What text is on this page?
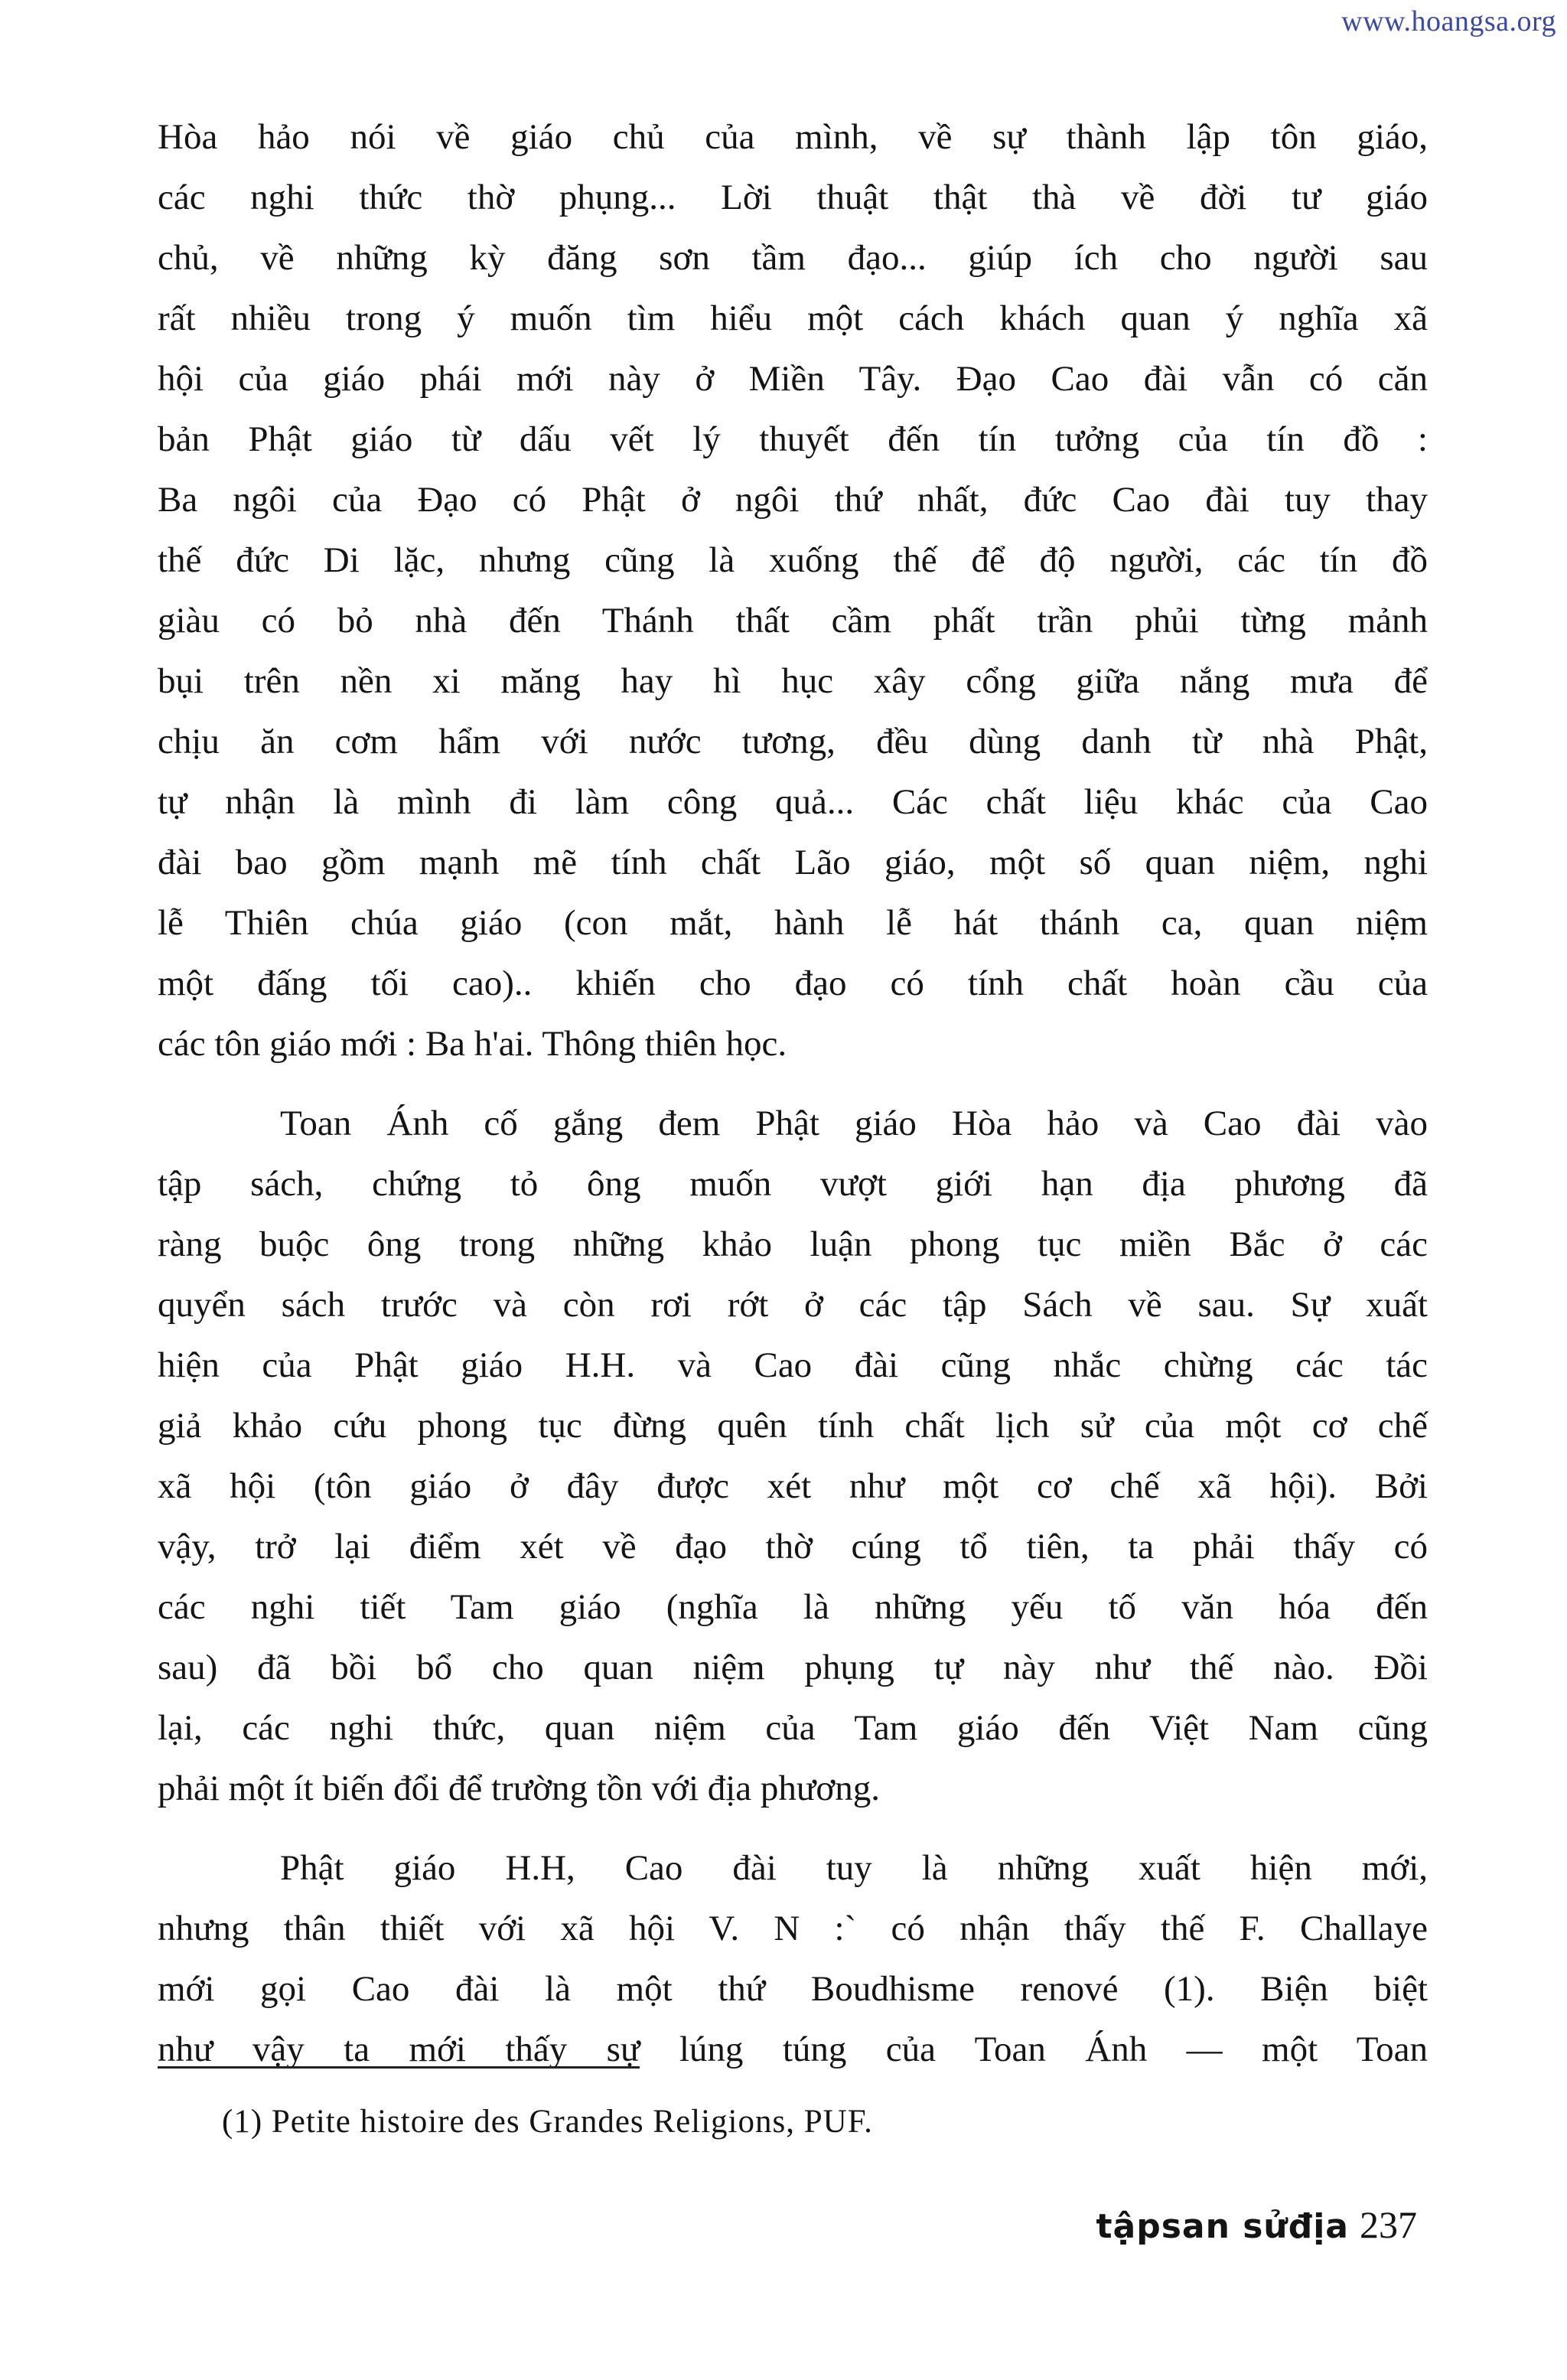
www.hoangsa.org
Hòa hảo nói về giáo chủ của mình, về sự thành lập tôn giáo,
các nghi thức thờ phụng... Lời thuật thật thà về đời tư giáo
chủ, về những kỳ đăng sơn tầm đạo... giúp ích cho người sau
rất nhiều trong ý muốn tìm hiểu một cách khách quan ý nghĩa xã
hội của giáo phái mới này ở Miền Tây. Đạo Cao đài vẫn có căn
bản Phật giáo từ dấu vết lý thuyết đến tín tưởng của tín đồ :
Ba ngôi của Đạo có Phật ở ngôi thứ nhất, đức Cao đài tuy thay
thế đức Di lặc, nhưng cũng là xuống thế để độ người, các tín đồ
giàu có bỏ nhà đến Thánh thất cầm phất trần phủi từng mảnh
bụi trên nền xi măng hay hì hục xây cổng giữa nắng mưa để
chịu ăn cơm hẩm với nước tương, đều dùng danh từ nhà Phật,
tự nhận là mình đi làm công quả... Các chất liệu khác của Cao
đài bao gồm mạnh mẽ tính chất Lão giáo, một số quan niệm, nghi
lễ Thiên chúa giáo (con mắt, hành lễ hát thánh ca, quan niệm
một đấng tối cao).. khiến cho đạo có tính chất hoàn cầu của
các tôn giáo mới : Ba h'ai. Thông thiên học.
Toan Ánh cố gắng đem Phật giáo Hòa hảo và Cao đài vào
tập sách, chứng tỏ ông muốn vượt giới hạn địa phương đã
ràng buộc ông trong những khảo luận phong tục miền Bắc ở các
quyển sách trước và còn rơi rớt ở các tập Sách về sau. Sự xuất
hiện của Phật giáo H.H. và Cao đài cũng nhắc chừng các tác
giả khảo cứu phong tục đừng quên tính chất lịch sử của một cơ chế
xã hội (tôn giáo ở đây được xét như một cơ chế xã hội). Bởi
vậy, trở lại điểm xét về đạo thờ cúng tổ tiên, ta phải thấy có
các nghi tiết Tam giáo (nghĩa là những yếu tố văn hóa đến
sau) đã bồi bổ cho quan niệm phụng tự này như thế nào. Đồi
lại, các nghi thức, quan niệm của Tam giáo đến Việt Nam cũng
phải một ít biến đổi để trường tồn với địa phương.
Phật giáo H.H, Cao đài tuy là những xuất hiện mới,
nhưng thân thiết với xã hội V. N :` có nhận thấy thế F. Challaye
mới gọi Cao đài là một thứ Boudhisme renové (1). Biện biệt
như vậy ta mới thấy sự lúng túng của Toan Ánh — một Toan
(1) Petite histoire des Grandes Religions, PUF.
tậpsan sửđịa 237
